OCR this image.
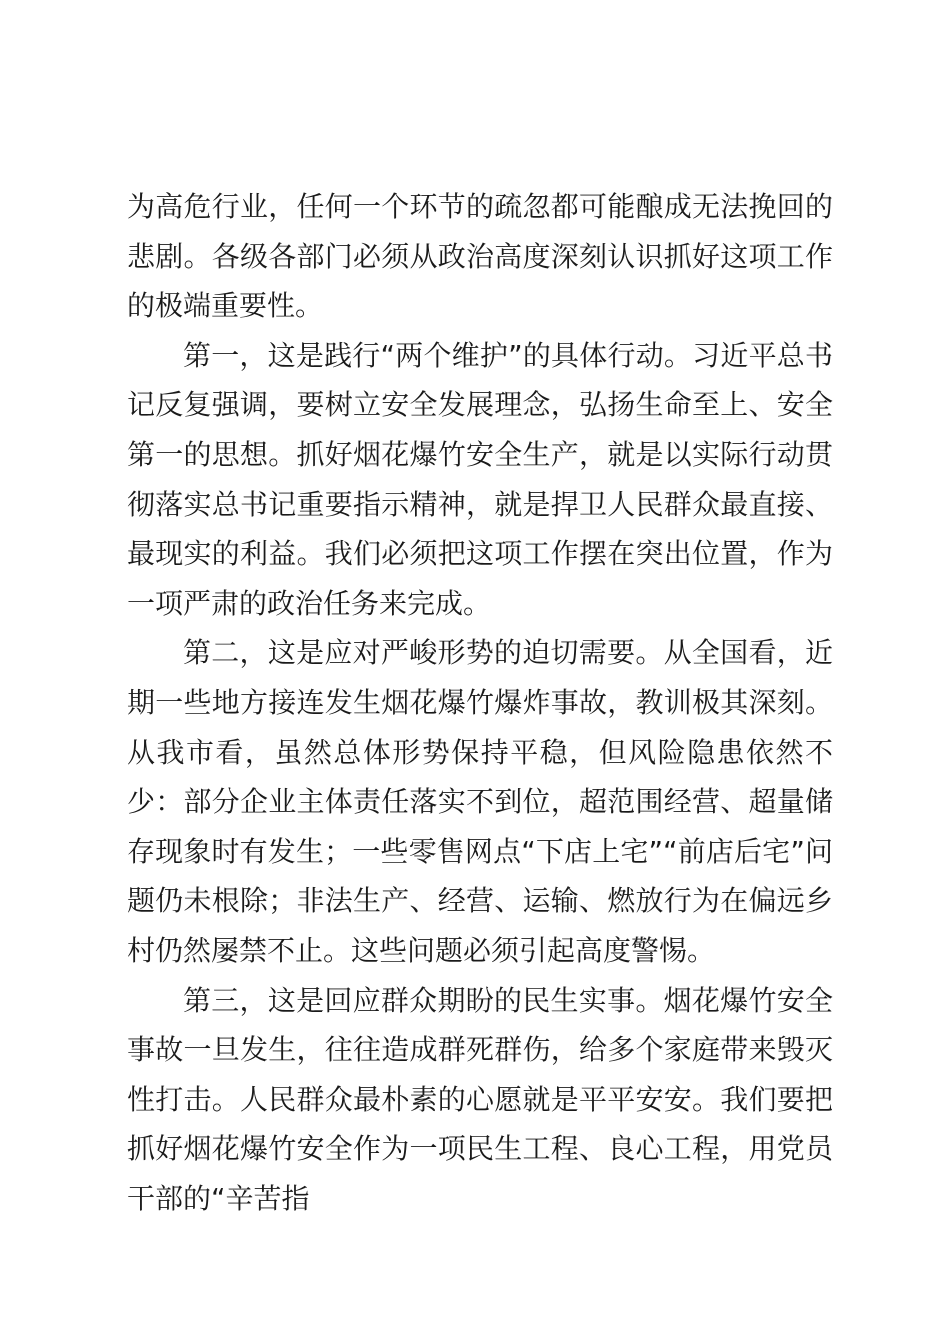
为高危行业，任何一个环节的疏忽都可能酿成无法挽回的悲剧。各级各部门必须从政治高度深刻认识抓好这项工作的极端重要性。

第一，这是践行“两个维护”的具体行动。习近平总书记反复强调，要树立安全发展理念，弘扬生命至上、安全第一的思想。抓好烟花爆竹安全生产，就是以实际行动贯彻落实总书记重要指示精神，就是捍卫人民群众最直接、最现实的利益。我们必须把这项工作摆在突出位置，作为一项严肃的政治任务来完成。

第二，这是应对严峻形势的迫切需要。从全国看，近期一些地方接连发生烟花爆竹爆炸事故，教训极其深刻。从我市看，虽然总体形势保持平稳，但风险隐患依然不少：部分企业主体责任落实不到位，超范围经营、超量储存现象时有发生；一些零售网点“下店上宅”“前店后宅”问题仍未根除；非法生产、经营、运输、燃放行为在偏远乡村仍然屡禁不止。这些问题必须引起高度警惕。

第三，这是回应群众期盼的民生实事。烟花爆竹安全事故一旦发生，往往造成群死群伤，给多个家庭带来毁灭性打击。人民群众最朴素的心愿就是平平安安。我们要把抓好烟花爆竹安全作为一项民生工程、良心工程，用党员干部的“辛苦指
